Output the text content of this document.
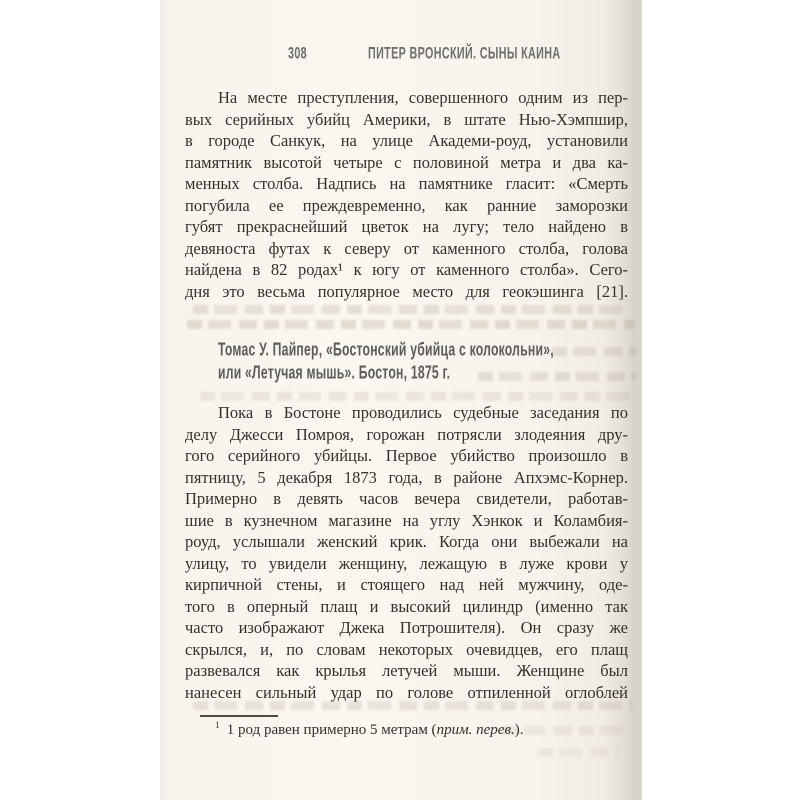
308	ПИТЕР ВРОНСКИЙ. СЫНЫ КАИНА
На месте преступления, совершенного одним из пер-
вых серийных убийц Америки, в штате Нью-Хэмпшир,
в городе Санкук, на улице Академи-роуд, установили
памятник высотой четыре с половиной метра и два ка-
менных столба. Надпись на памятнике гласит: «Смерть
погубила ее преждевременно, как ранние заморозки
губят прекраснейший цветок на лугу; тело найдено в
девяноста футах к северу от каменного столба, голова
найдена в 82 родах¹ к югу от каменного столба». Сего-
дня это весьма популярное место для геокэшинга [21].
Томас У. Пайпер, «Бостонский убийца с колокольни»,
или «Летучая мышь». Бостон, 1875 г.
Пока в Бостоне проводились судебные заседания по
делу Джесси Помроя, горожан потрясли злодеяния дру-
гого серийного убийцы. Первое убийство произошло в
пятницу, 5 декабря 1873 года, в районе Апхэмс-Корнер.
Примерно в девять часов вечера свидетели, работав-
шие в кузнечном магазине на углу Хэнкок и Коламбия-
роуд, услышали женский крик. Когда они выбежали на
улицу, то увидели женщину, лежащую в луже крови у
кирпичной стены, и стоящего над ней мужчину, оде-
того в оперный плащ и высокий цилиндр (именно так
часто изображают Джека Потрошителя). Он сразу же
скрылся, и, по словам некоторых очевидцев, его плащ
развевался как крылья летучей мыши. Женщине был
нанесен сильный удар по голове отпиленной оглоблей
$^1$ 1 род равен примерно 5 метрам (прим. перев.).
